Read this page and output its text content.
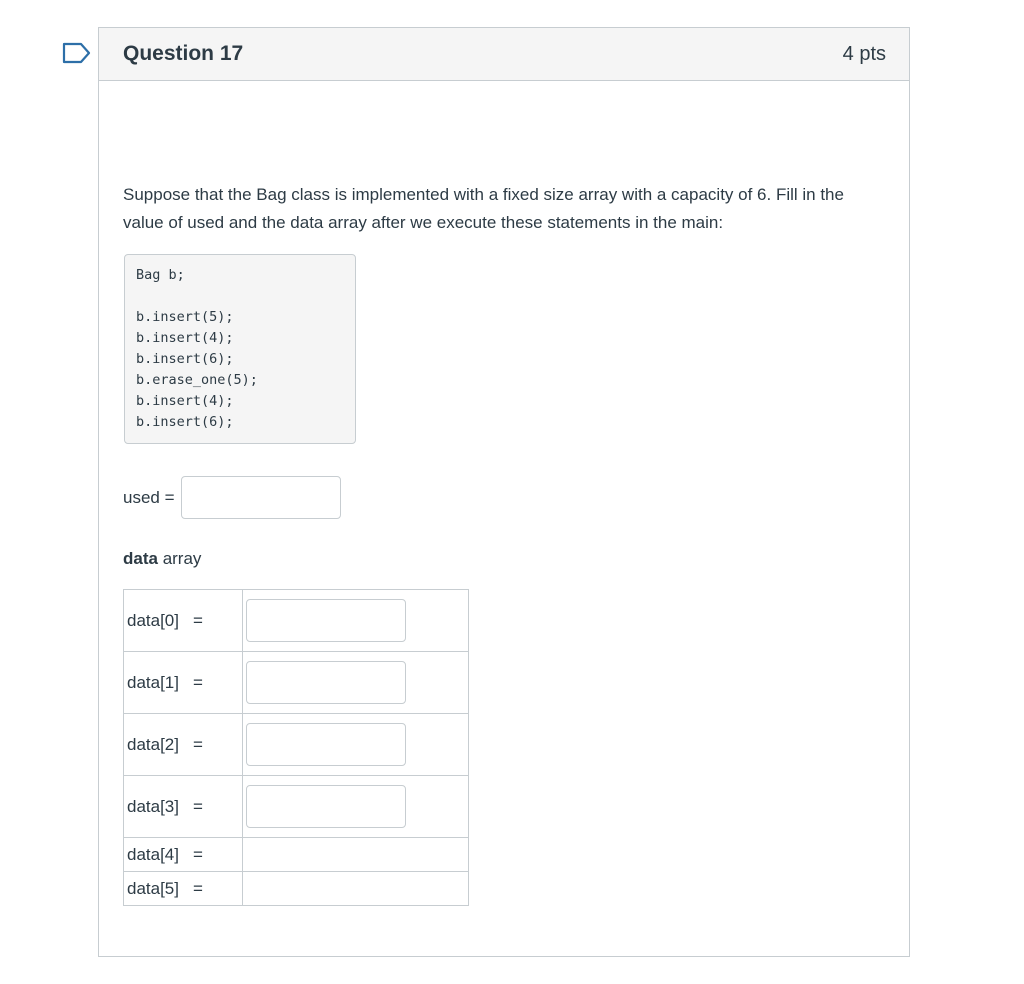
Question 17	4 pts
Suppose that the Bag class is implemented with a fixed size array with a capacity of 6. Fill in the value of used and the data array after we execute these statements in the main:
Bag b;
b.insert(5);
b.insert(4);
b.insert(6);
b.erase_one(5);
b.insert(4);
b.insert(6);
used =
data array
data[0] =	
data[1] =	
data[2] =	
data[3] =	
data[4] =	
data[5] =	
